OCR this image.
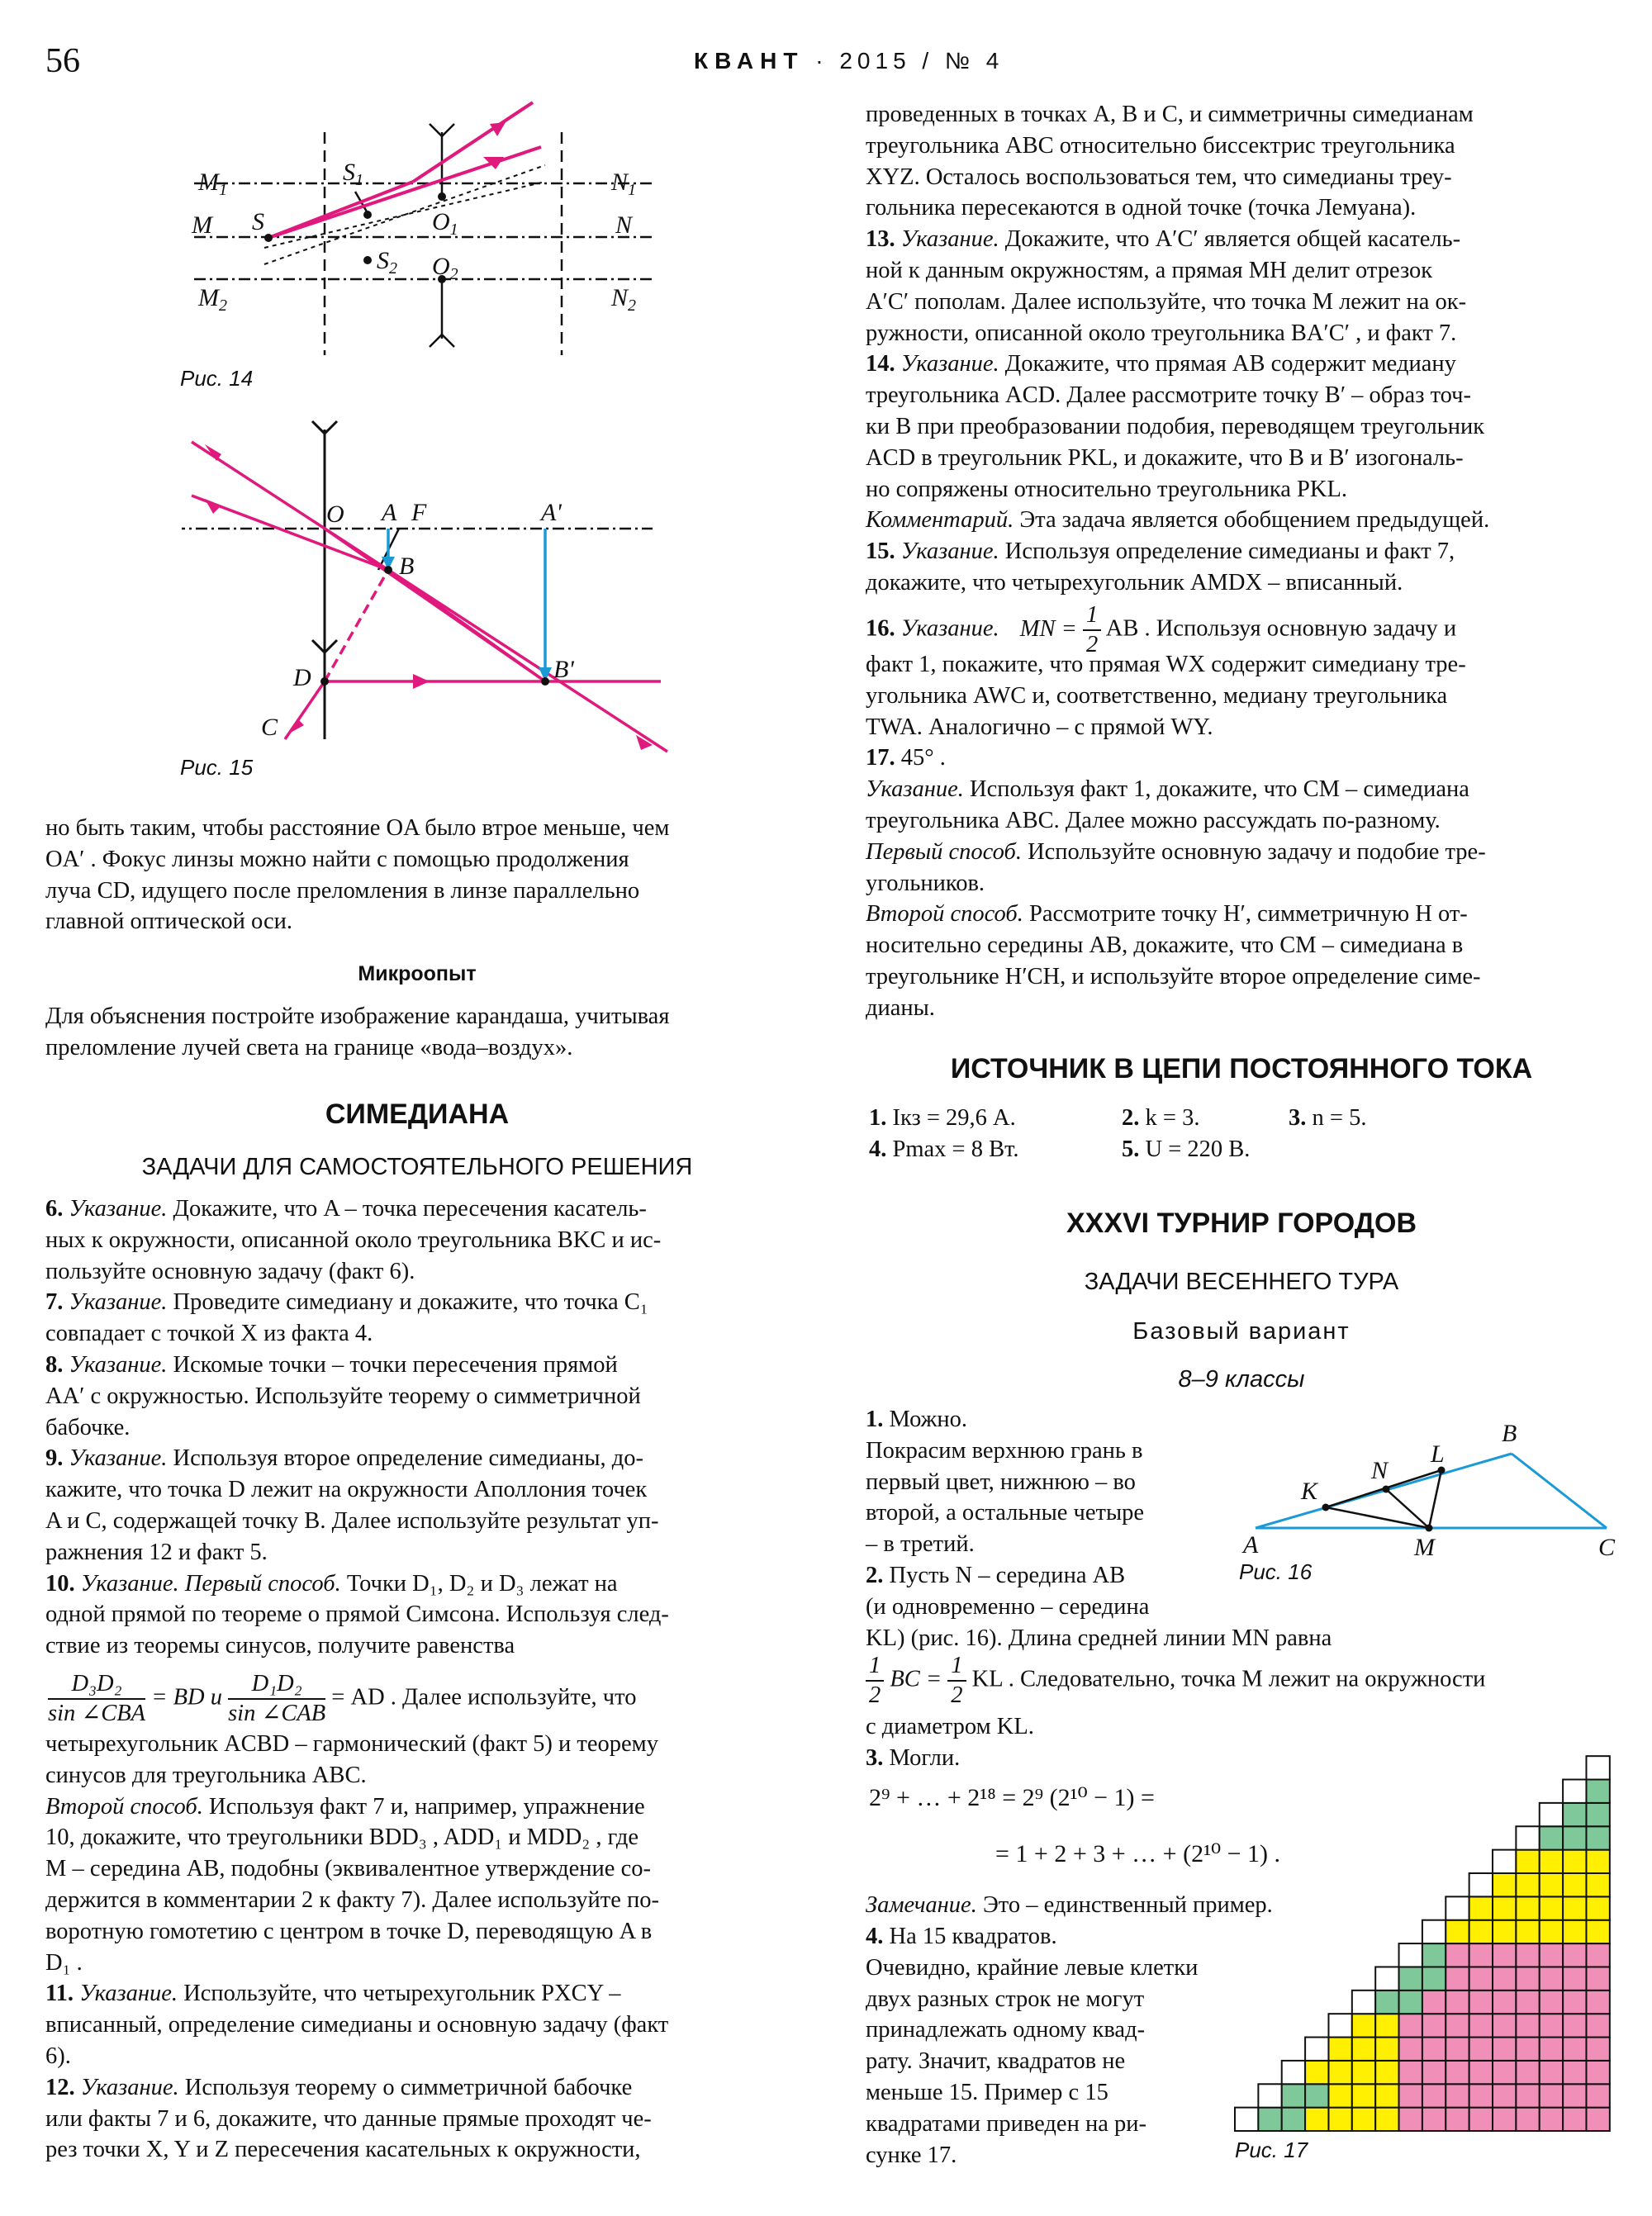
56	КВАНТ · 2015 / № 4
$M_1$	$N_1$
M	N
$M_2$	$N_2$
S
$S_1$
$S_2$
$O_1$
$O_2$
Рис. 14
O A F	A'
B
B'
D
C
Рис. 15

но быть таким, чтобы расстояние OA было втрое меньше, чем

OA′ . Фокус линзы можно найти с помощью продолжения

луча CD, идущего после преломления в линзе параллельно

главной оптической оси.

Микроопыт

Для объяснения постройте изображение карандаша, учитывая

преломление лучей света на границе «вода–воздух».

СИМЕДИАНА
ЗАДАЧИ ДЛЯ САМОСТОЯТЕЛЬНОГО РЕШЕНИЯ

6. Указание. Докажите, что A – точка пересечения касатель-

ных к окружности, описанной около треугольника BKC и ис-

пользуйте основную задачу (факт 6).

7. Указание. Проведите симедиану и докажите, что точка C₁

совпадает с точкой X из факта 4.

8. Указание. Искомые точки – точки пересечения прямой

AA′ с окружностью. Используйте теорему о симметричной

бабочке.

9. Указание. Используя второе определение симедианы, до-

кажите, что точка D лежит на окружности Аполлония точек

A и C, содержащей точку B. Далее используйте результат уп-

ражнения 12 и факт 5.

10. Указание. Первый способ. Точки D₁, D₂ и D₃ лежат на

одной прямой по теореме о прямой Симсона. Используя след-

ствие из теоремы синусов, получите равенства

$\frac{\text{D₃D₂}}{\text{sin ∠CBA}}$ = BD и $\frac{\text{D₁D₂}}{\text{sin ∠CAB}}$ = AD . Далее используйте, что

четырехугольник ACBD – гармонический (факт 5) и теорему

синусов для треугольника ABC.

Второй способ. Используя факт 7 и, например, упражнение

10, докажите, что треугольники BDD₃ , ADD₁ и MDD₂ , где

M – середина AB, подобны (эквивалентное утверждение со-

держится в комментарии 2 к факту 7). Далее используйте по-

воротную гомотетию с центром в точке D, переводящую A в

D₁ .

11. Указание. Используйте, что четырехугольник PXCY –

вписанный, определение симедианы и основную задачу (факт

6).

12. Указание. Используя теорему о симметричной бабочке

или факты 7 и 6, докажите, что данные прямые проходят че-

рез точки X, Y и Z пересечения касательных к окружности,

проведенных в точках A, B и C, и симметричны симедианам

треугольника ABC относительно биссектрис треугольника

XYZ. Осталось воспользоваться тем, что симедианы треу-

гольника пересекаются в одной точке (точка Лемуана).

13. Указание. Докажите, что A′C′ является общей касатель-

ной к данным окружностям, а прямая MH делит отрезок

A′C′ пополам. Далее используйте, что точка M лежит на ок-

ружности, описанной около треугольника BA′C′ , и факт 7.

14. Указание. Докажите, что прямая AB содержит медиану

треугольника ACD. Далее рассмотрите точку B′ – образ точ-

ки B при преобразовании подобия, переводящем треугольник

ACD в треугольник PKL, и докажите, что B и B′ изогональ-

но сопряжены относительно треугольника PKL.

Комментарий. Эта задача является обобщением предыдущей.

15. Указание. Используя определение симедианы и факт 7,

докажите, что четырехугольник AMDX – вписанный.

16. Указание. MN = $\frac{1}{2}$ AB . Используя основную задачу и

факт 1, покажите, что прямая WX содержит симедиану тре-

угольника AWC и, соответственно, медиану треугольника

TWA. Аналогично – с прямой WY.

17. 45° .

Указание. Используя факт 1, докажите, что CM – симедиана

треугольника ABC. Далее можно рассуждать по-разному.

Первый способ. Используйте основную задачу и подобие тре-

угольников.

Второй способ. Рассмотрите точку H′, симметричную H от-

носительно середины AB, докажите, что CM – симедиана в

треугольнике H′CH, и используйте второе определение симе-

дианы.

ИСТОЧНИК В ЦЕПИ ПОСТОЯННОГО ТОКА
1. Iкз = 29,6 А.	2. k = 3.	3. n = 5.
4. Pmax = 8 Вт.	5. U = 220 В.
XXXVI ТУРНИР ГОРОДОВ
ЗАДАЧИ ВЕСЕННЕГО ТУРА
Базовый вариант
8–9 классы

1. Можно.

Покрасим верхнюю грань в

первый цвет, нижнюю – во

второй, а остальные четыре

– в третий.

2. Пусть N – середина AB

(и одновременно – середина

KL) (рис. 16). Длина средней линии MN равна

$\frac{1}{2}$ BC = $\frac{1}{2}$ KL . Следовательно, точка M лежит на окружности
с диаметром KL.
3. Могли.
2⁹ + … + 2¹⁸ = 2⁹ (2¹⁰ − 1) =
= 1 + 2 + 3 + … + (2¹⁰ − 1) .
Замечание. Это – единственный пример.

4. На 15 квадратов.

Очевидно, крайние левые клетки

двух разных строк не могут

принадлежать одному квад-

рату. Значит, квадратов не

меньше 15. Пример с 15

квадратами приведен на ри-

сунке 17.

A
B
C
K
L
N
M
Рис. 16
Рис. 17
